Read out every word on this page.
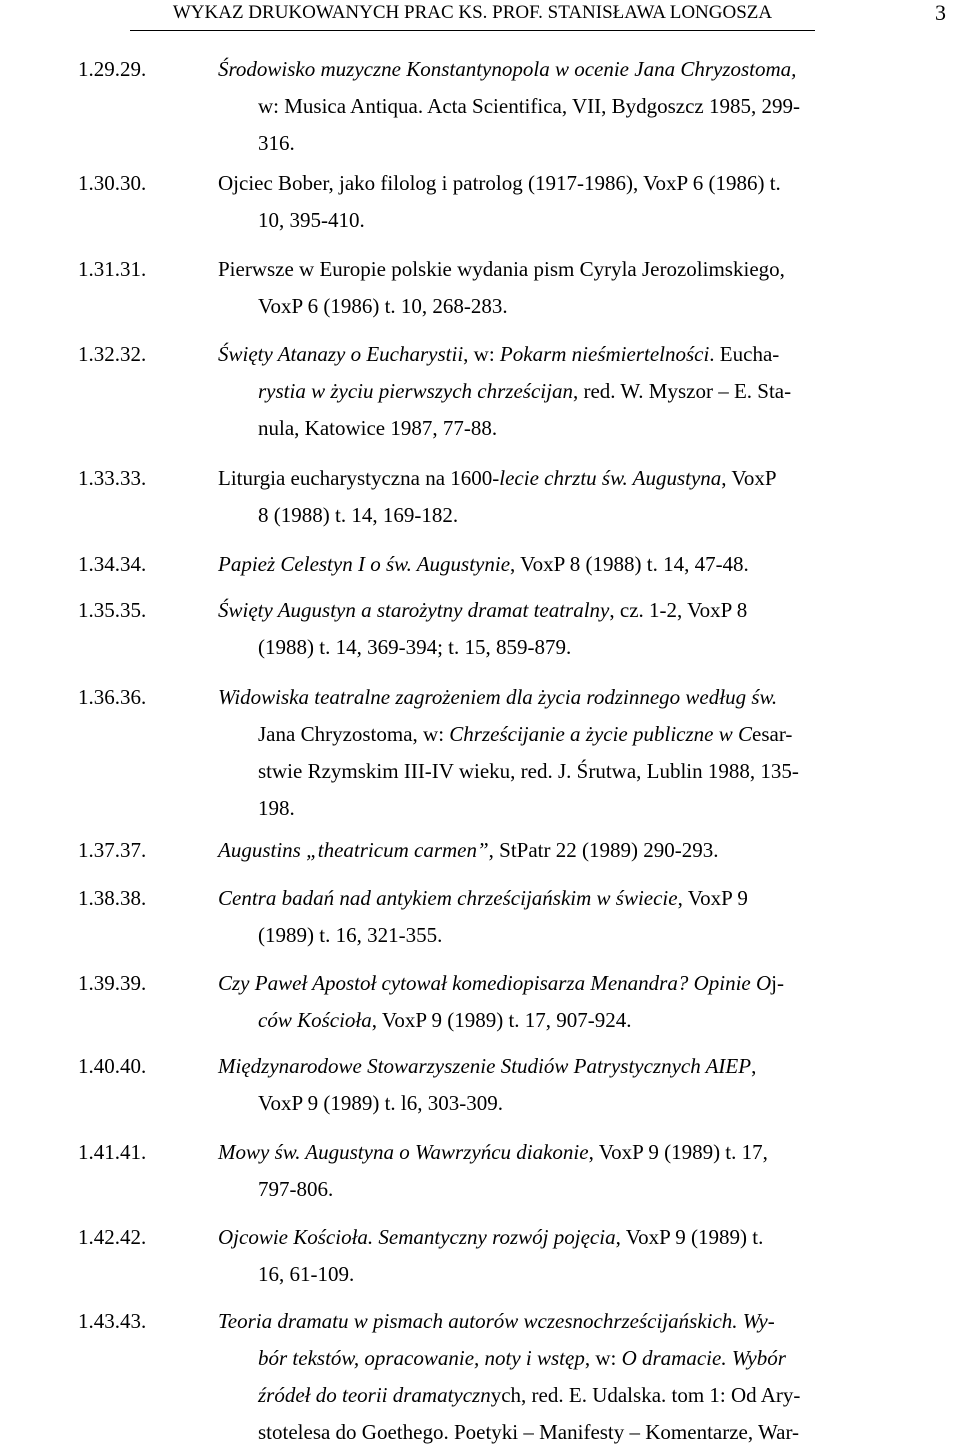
WYKAZ DRUKOWANYCH PRAC KS. PROF. STANISŁAWA LONGOSZA	3
1.29.29.	Środowisko muzyczne Konstantynopola w ocenie Jana Chryzostoma,
w: Musica Antiqua. Acta Scientifica, VII, Bydgoszcz 1985, 299-
316.
1.30.30.	Ojciec Bober, jako filolog i patrolog (1917-1986), VoxP 6 (1986) t.
10, 395-410.
1.31.31.	Pierwsze w Europie polskie wydania pism Cyryla Jerozolimskiego,
VoxP 6 (1986) t. 10, 268-283.
1.32.32.	Święty Atanazy o Eucharystii, w: Pokarm nieśmiertelności. Eucha-
rystia w życiu pierwszych chrześcijan, red. W. Myszor – E. Sta-
nula, Katowice 1987, 77-88.
1.33.33.	Liturgia eucharystyczna na 1600-lecie chrztu św. Augustyna, VoxP
8 (1988) t. 14, 169-182.
1.34.34.	Papież Celestyn I o św. Augustynie, VoxP 8 (1988) t. 14, 47-48.
1.35.35.	Święty Augustyn a starożytny dramat teatralny, cz. 1-2, VoxP 8
(1988) t. 14, 369-394; t. 15, 859-879.
1.36.36.	Widowiska teatralne zagrożeniem dla życia rodzinnego według św.
Jana Chryzostoma, w: Chrześcijanie a życie publiczne w Cesar-
stwie Rzymskim III-IV wieku, red. J. Śrutwa, Lublin 1988, 135-
198.
1.37.37.	Augustins „theatricum carmen”, StPatr 22 (1989) 290-293.
1.38.38.	Centra badań nad antykiem chrześcijańskim w świecie, VoxP 9
(1989) t. 16, 321-355.
1.39.39.	Czy Paweł Apostoł cytował komediopisarza Menandra? Opinie Oj-
ców Kościoła, VoxP 9 (1989) t. 17, 907-924.
1.40.40.	Międzynarodowe Stowarzyszenie Studiów Patrystycznych AIEP,
VoxP 9 (1989) t. l6, 303-309.
1.41.41.	Mowy św. Augustyna o Wawrzyńcu diakonie, VoxP 9 (1989) t. 17,
797-806.
1.42.42.	Ojcowie Kościoła. Semantyczny rozwój pojęcia, VoxP 9 (1989) t.
16, 61-109.
1.43.43.	Teoria dramatu w pismach autorów wczesnochrześcijańskich. Wy-
bór tekstów, opracowanie, noty i wstęp, w: O dramacie. Wybór
źródeł do teorii dramatycznych, red. E. Udalska. tom 1: Od Ary-
stotelesa do Goethego. Poetyki – Manifesty – Komentarze, War-
